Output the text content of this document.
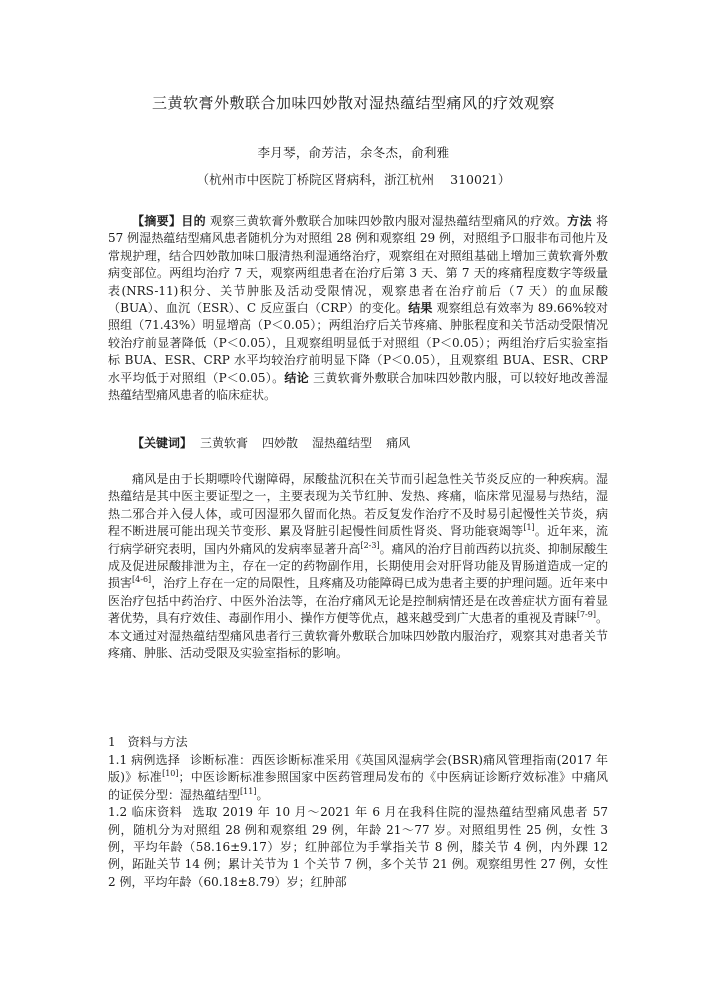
三黄软膏外敷联合加味四妙散对湿热蕴结型痛风的疗效观察
李月琴，俞芳洁，余冬杰，俞利雅
（杭州市中医院丁桥院区肾病科，浙江杭州 310021）

【摘要】目的 观察三黄软膏外敷联合加味四妙散内服对湿热蕴结型痛风的疗效。方法 将 57 例湿热蕴结型痛风患者随机分为对照组 28 例和观察组 29 例，对照组予口服非布司他片及常规护理，结合四妙散加味口服清热利湿通络治疗，观察组在对照组基础上增加三黄软膏外敷病变部位。两组均治疗 7 天，观察两组患者在治疗后第 3 天、第 7 天的疼痛程度数字等级量表(NRS-11)积分、关节肿胀及活动受限情况，观察患者在治疗前后（7 天）的血尿酸（BUA）、血沉（ESR）、C 反应蛋白（CRP）的变化。结果 观察组总有效率为 89.66%较对照组（71.43%）明显增高（P＜0.05）；两组治疗后关节疼痛、肿胀程度和关节活动受限情况较治疗前显著降低（P＜0.05），且观察组明显低于对照组（P＜0.05）；两组治疗后实验室指标 BUA、ESR、CRP 水平均较治疗前明显下降（P＜0.05），且观察组 BUA、ESR、CRP 水平均低于对照组（P＜0.05）。结论 三黄软膏外敷联合加味四妙散内服，可以较好地改善湿热蕴结型痛风患者的临床症状。

【关键词】 三黄软膏 四妙散 湿热蕴结型 痛风

痛风是由于长期嘌呤代谢障碍，尿酸盐沉积在关节而引起急性关节炎反应的一种疾病。湿热蕴结是其中医主要证型之一，主要表现为关节红肿、发热、疼痛，临床常见湿易与热结，湿热二邪合并入侵人体，或可因湿邪久留而化热。若反复发作治疗不及时易引起慢性关节炎，病程不断进展可能出现关节变形、累及肾脏引起慢性间质性肾炎、肾功能衰竭等[1]。近年来，流行病学研究表明，国内外痛风的发病率显著升高[2-3]。痛风的治疗目前西药以抗炎、抑制尿酸生成及促进尿酸排泄为主，存在一定的药物副作用，长期使用会对肝肾功能及胃肠道造成一定的损害[4-6]，治疗上存在一定的局限性，且疼痛及功能障碍已成为患者主要的护理问题。近年来中医治疗包括中药治疗、中医外治法等，在治疗痛风无论是控制病情还是在改善症状方面有着显著优势，具有疗效佳、毒副作用小、操作方便等优点，越来越受到广大患者的重视及青睐[7-9]。本文通过对湿热蕴结型痛风患者行三黄软膏外敷联合加味四妙散内服治疗，观察其对患者关节疼痛、肿胀、活动受限及实验室指标的影响。

1 资料与方法

1.1 病例选择 诊断标准：西医诊断标准采用《英国风湿病学会(BSR)痛风管理指南(2017 年版)》标准[10]；中医诊断标准参照国家中医药管理局发布的《中医病证诊断疗效标准》中痛风的证侯分型：湿热蕴结型[11]。

1.2 临床资料 选取 2019 年 10 月～2021 年 6 月在我科住院的湿热蕴结型痛风患者 57 例，随机分为对照组 28 例和观察组 29 例，年龄 21～77 岁。对照组男性 25 例，女性 3 例，平均年龄（58.16±9.17）岁；红肿部位为手掌指关节 8 例，膝关节 4 例，内外踝 12 例，跖趾关节 14 例；累计关节为 1 个关节 7 例，多个关节 21 例。观察组男性 27 例，女性 2 例，平均年龄（60.18±8.79）岁；红肿部
